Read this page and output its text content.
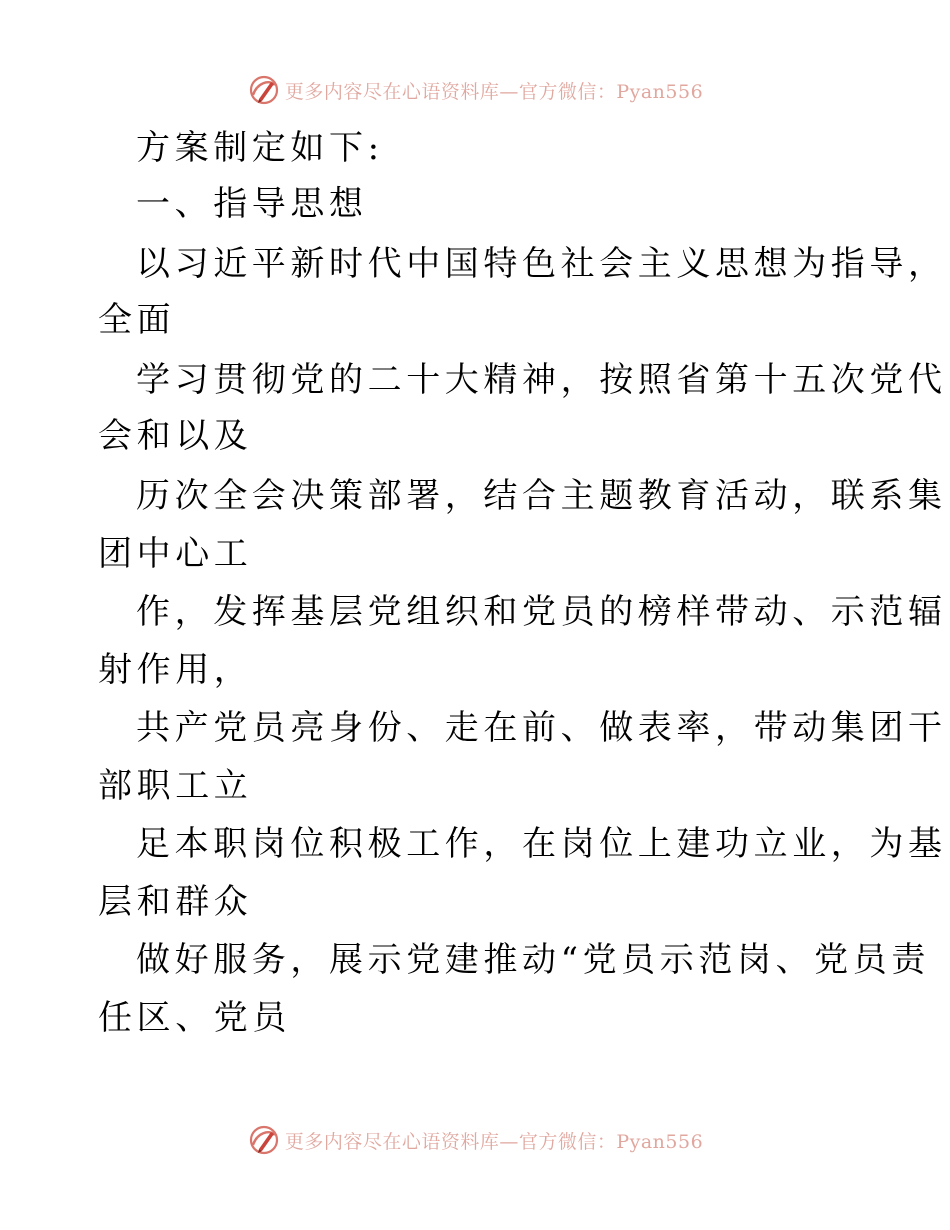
更多内容尽在心语资料库—官方微信：Pyan556
方案制定如下:
一、指导思想
以习近平新时代中国特色社会主义思想为指导，
全面
学习贯彻党的二十大精神，按照省第十五次党代
会和以及
历次全会决策部署，结合主题教育活动，联系集
团中心工
作，发挥基层党组织和党员的榜样带动、示范辐
射作用，
共产党员亮身份、走在前、做表率，带动集团干
部职工立
足本职岗位积极工作，在岗位上建功立业，为基
层和群众
做好服务，展示党建推动“党员示范岗、党员责
任区、党员
更多内容尽在心语资料库—官方微信：Pyan556
